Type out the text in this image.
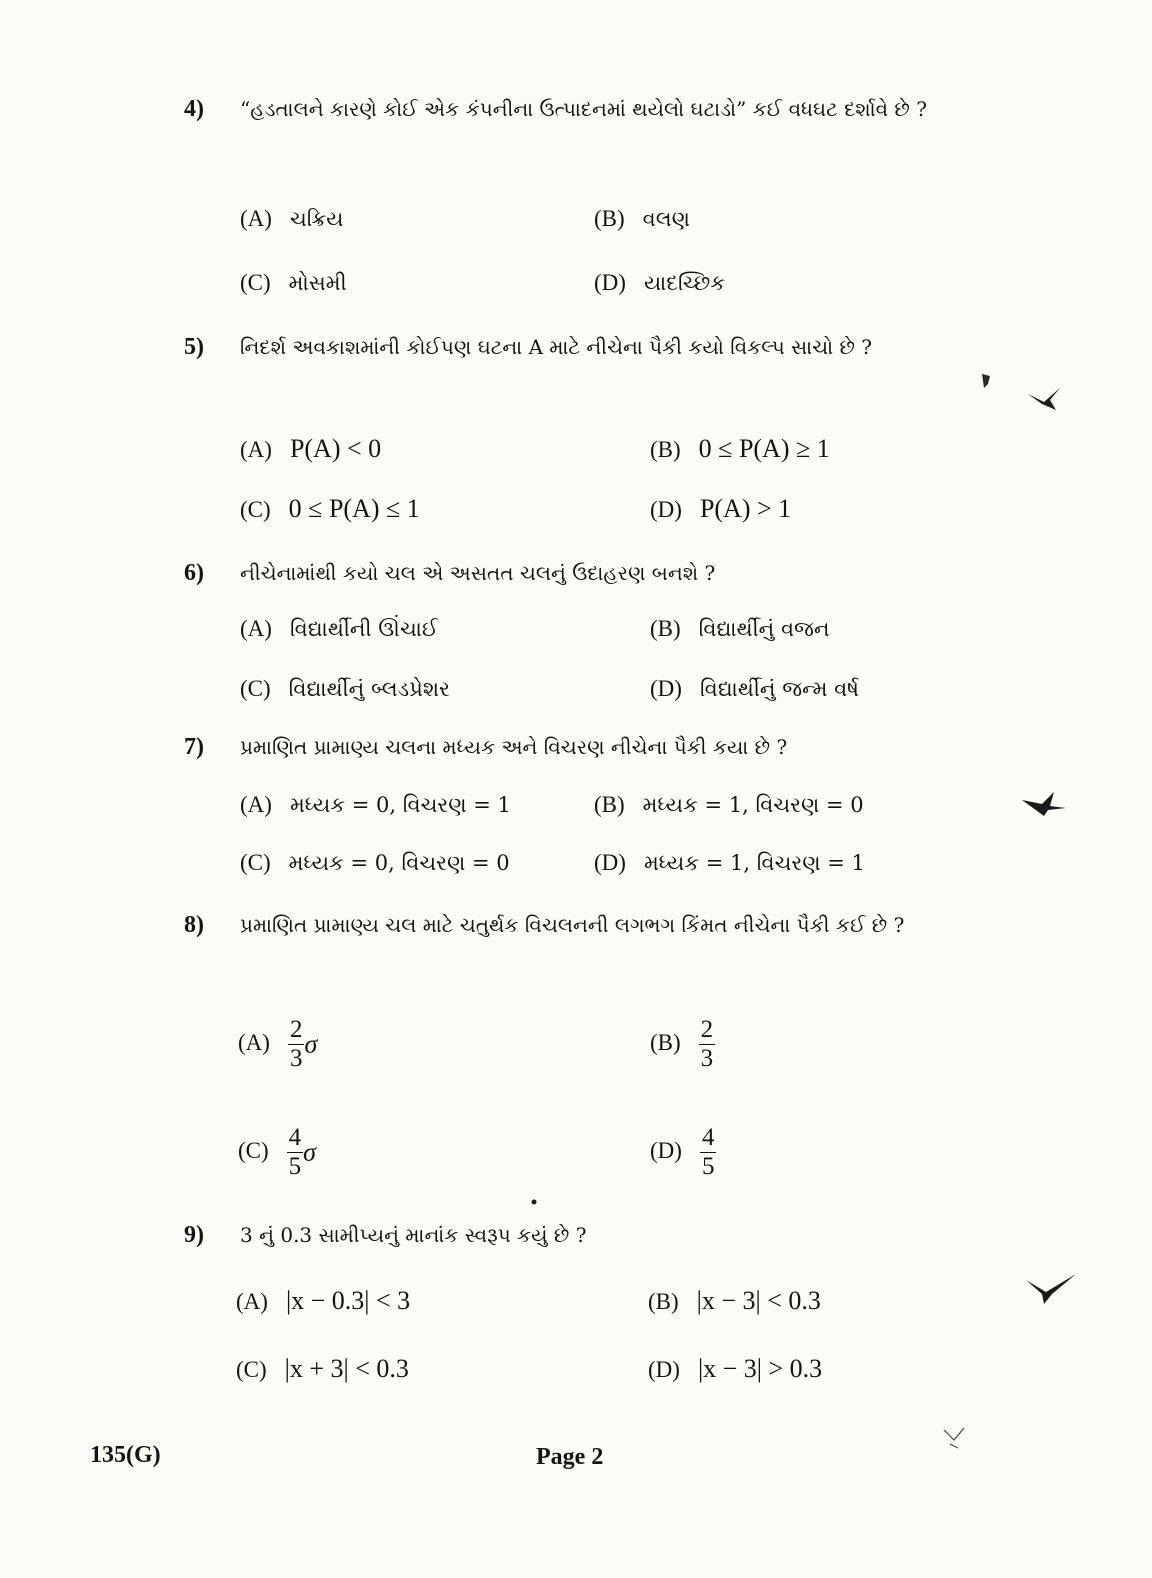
4) “હડતાલને કારણે કોઈ એક કંપનીના ઉત્પાદનમાં થયેલો ઘટાડો” કઈ વધઘટ દર્શાવે છે ?
(A) ચક્રિય	(B) વલણ
(C) મોસમી	(D) યાદચ્છિક
5) નિદર્શ અવકાશમાંની કોઈપણ ઘટના A માટે નીચેના પૈકી કયો વિકલ્પ સાચો છે ?
(A) P(A) < 0	(B) 0 ≤ P(A) ≥ 1
(C) 0 ≤ P(A) ≤ 1	(D) P(A) > 1
6) નીચેનામાંથી કયો ચલ એ અસતત ચલનું ઉદાહરણ બનશે ?
(A) વિદ્યાર્થીની ઊંચાઈ	(B) વિદ્યાર્થીનું વજન
(C) વિદ્યાર્થીનું બ્લડપ્રેશર	(D) વિદ્યાર્થીનું જન્મ વર્ષ
7) પ્રમાણિત પ્રામાણ્ય ચલના મધ્યક અને વિચરણ નીચેના પૈકી કયા છે ?
(A) મધ્યક = 0, વિચરણ = 1	(B) મધ્યક = 1, વિચરણ = 0
(C) મધ્યક = 0, વિચરણ = 0	(D) મધ્યક = 1, વિચરણ = 1
8) પ્રમાણિત પ્રામાણ્ય ચલ માટે ચતુર્થક વિચલનની લગભગ કિંમત નીચેના પૈકી કઈ છે ?
$(A) \frac{2}{3}$ σ	$(B) \frac{2}{3}$
$(C) \frac{4}{5}$ σ	$(D) \frac{4}{5}$
9) 3 નું 0.3 સામીપ્યનું માનાંક સ્વરૂપ કયું છે ?
(A) |x − 0.3| < 3	(B) |x − 3| < 0.3
(C) |x + 3| < 0.3	(D) |x − 3| > 0.3
135(G)	Page 2
